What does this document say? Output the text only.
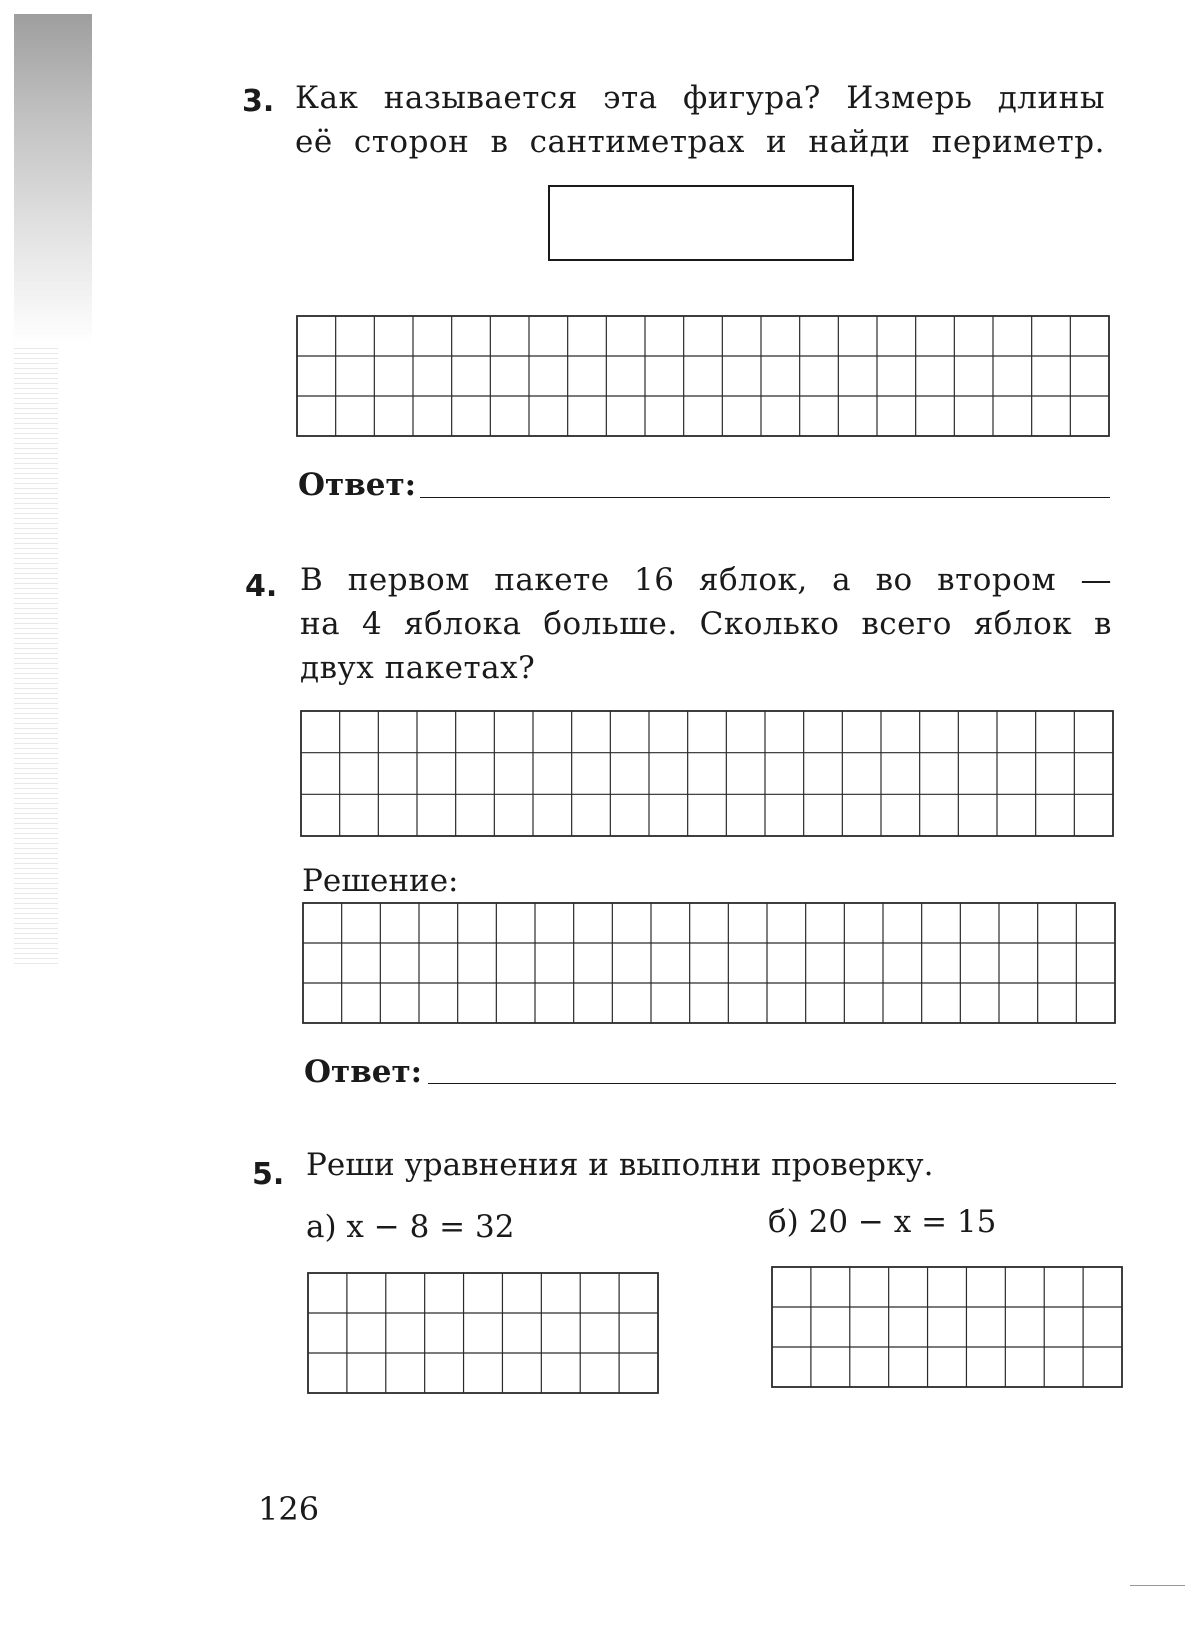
3. Как называется эта фигура? Измерь длины
её сторон в сантиметрах и найди периметр.
Ответ:
4. В первом пакете 16 яблок, а во втором —
на 4 яблока больше. Сколько всего яблок в
двух пакетах?
Решение:
Ответ:
5. Реши уравнения и выполни проверку.
а) x − 8 = 32	б) 20 − x = 15
126
